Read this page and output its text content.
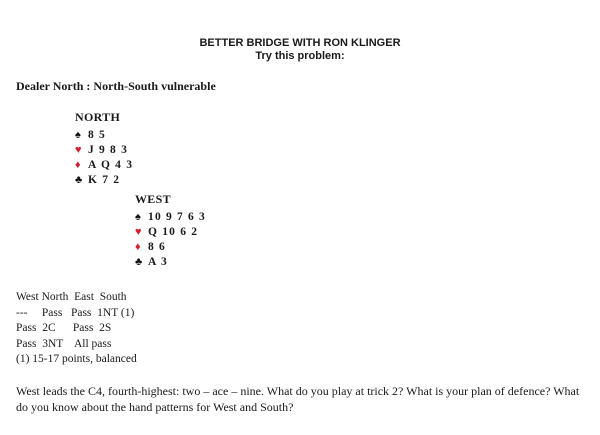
BETTER BRIDGE WITH RON KLINGER
Try this problem:
Dealer North : North-South vulnerable
NORTH
♠ 8 5
♥ J 9 8 3
♦ A Q 4 3
♣ K 7 2
WEST
♠ 10 9 7 6 3
♥ Q 10 6 2
♦ 8 6
♣ A 3
West North  East  South
---     Pass   Pass  1NT (1)
Pass  2C      Pass  2S
Pass  3NT    All pass
(1) 15-17 points, balanced
West leads the C4, fourth-highest: two – ace – nine. What do you play at trick 2? What is your plan of defence? What do you know about the hand patterns for West and South?
